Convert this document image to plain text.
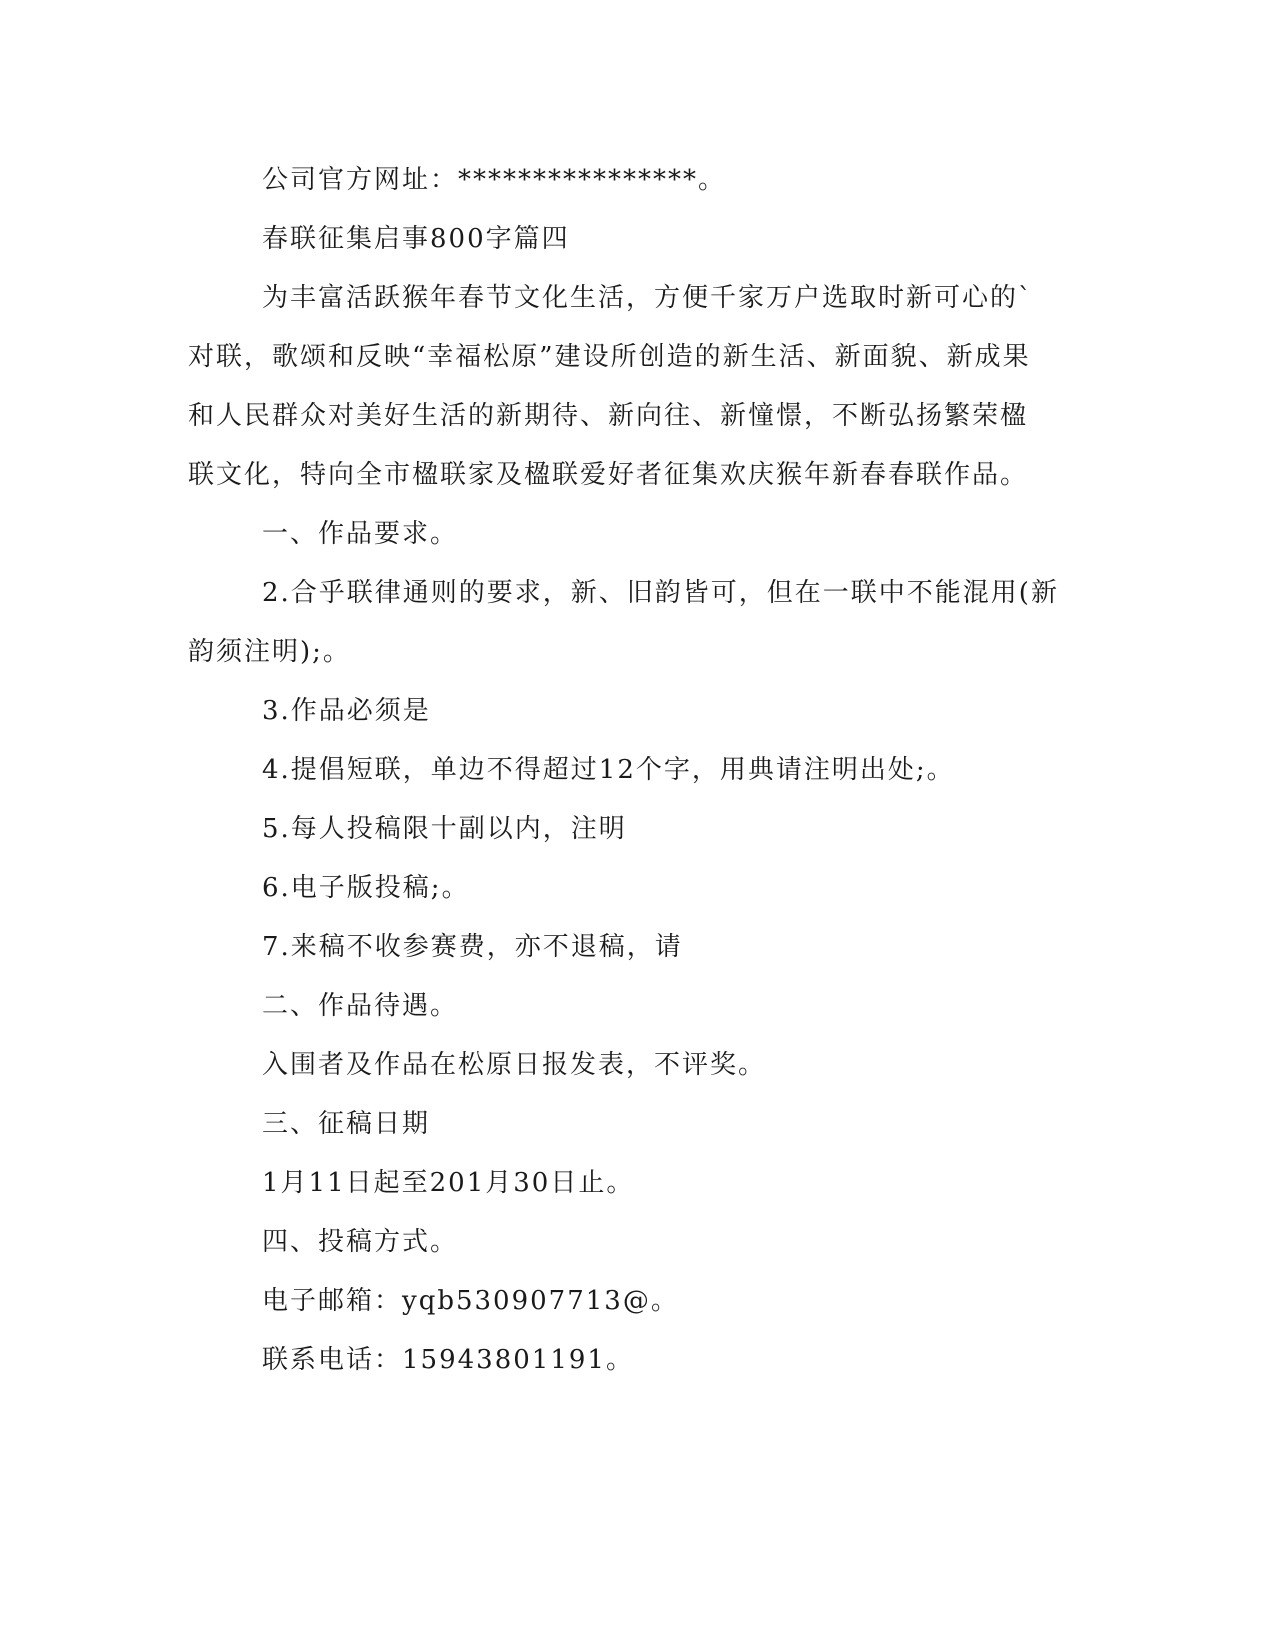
公司官方网址：****************。
春联征集启事800字篇四
为丰富活跃猴年春节文化生活，方便千家万户选取时新可心的`
对联，歌颂和反映“幸福松原”建设所创造的新生活、新面貌、新成果
和人民群众对美好生活的新期待、新向往、新憧憬，不断弘扬繁荣楹
联文化，特向全市楹联家及楹联爱好者征集欢庆猴年新春春联作品。
一、作品要求。
2.合乎联律通则的要求，新、旧韵皆可，但在一联中不能混用(新
韵须注明);。
3.作品必须是
4.提倡短联，单边不得超过12个字，用典请注明出处;。
5.每人投稿限十副以内，注明
6.电子版投稿;。
7.来稿不收参赛费，亦不退稿，请
二、作品待遇。
入围者及作品在松原日报发表，不评奖。
三、征稿日期
1月11日起至201月30日止。
四、投稿方式。
电子邮箱：yqb530907713@。
联系电话：15943801191。
